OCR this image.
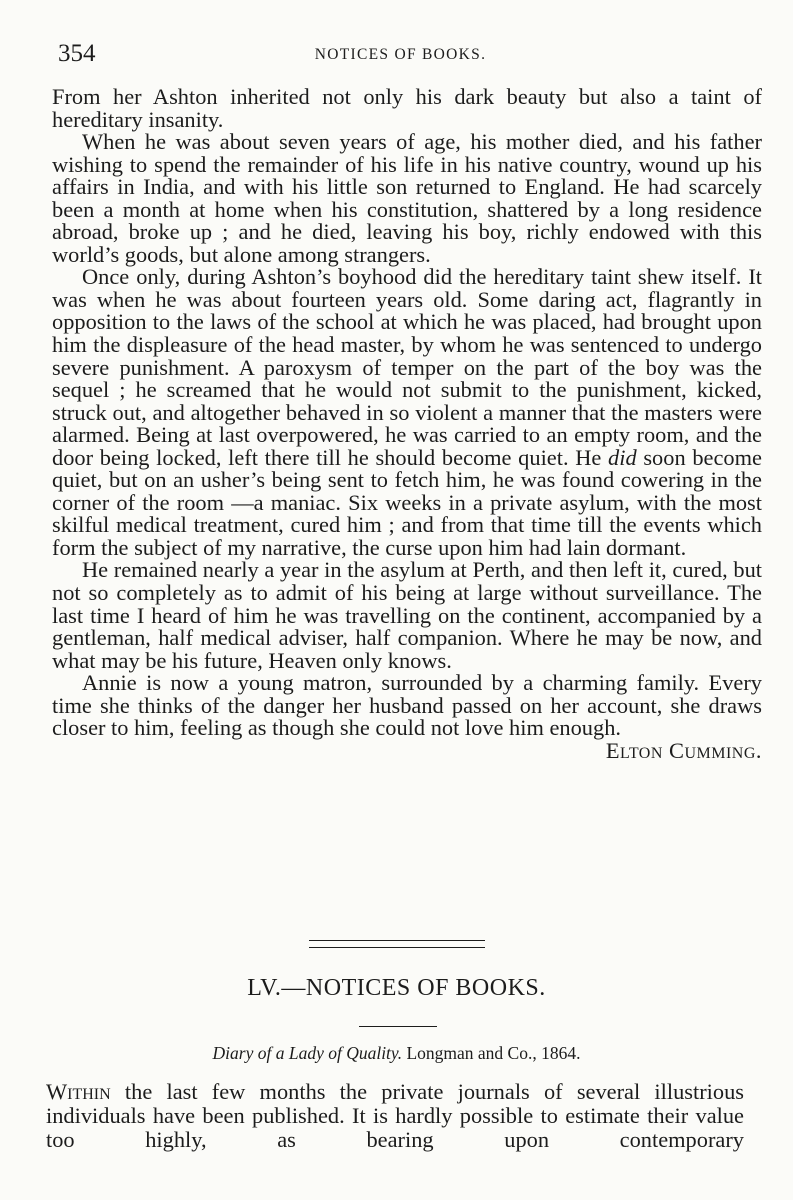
354	NOTICES OF BOOKS.

From her Ashton inherited not only his dark beauty but also a taint of hereditary insanity.

When he was about seven years of age, his mother died, and his father wishing to spend the remainder of his life in his native country, wound up his affairs in India, and with his little son returned to England. He had scarcely been a month at home when his constitution, shattered by a long residence abroad, broke up ; and he died, leaving his boy, richly endowed with this world’s goods, but alone among strangers.

Once only, during Ashton’s boyhood did the hereditary taint shew itself. It was when he was about fourteen years old. Some daring act, flagrantly in opposition to the laws of the school at which he was placed, had brought upon him the displeasure of the head master, by whom he was sentenced to undergo severe punishment. A paroxysm of temper on the part of the boy was the sequel ; he screamed that he would not submit to the punishment, kicked, struck out, and altogether behaved in so violent a manner that the masters were alarmed. Being at last overpowered, he was carried to an empty room, and the door being locked, left there till he should become quiet. He did soon become quiet, but on an usher’s being sent to fetch him, he was found cowering in the corner of the room —a maniac. Six weeks in a private asylum, with the most skilful medical treatment, cured him ; and from that time till the events which form the subject of my narrative, the curse upon him had lain dormant.

He remained nearly a year in the asylum at Perth, and then left it, cured, but not so completely as to admit of his being at large without surveillance. The last time I heard of him he was travelling on the continent, accompanied by a gentleman, half medical adviser, half companion. Where he may be now, and what may be his future, Heaven only knows.

Annie is now a young matron, surrounded by a charming family. Every time she thinks of the danger her husband passed on her account, she draws closer to him, feeling as though she could not love him enough.
Elton Cumming.

LV.—NOTICES OF BOOKS.
Diary of a Lady of Quality. Longman and Co., 1864.

Within the last few months the private journals of several illustrious individuals have been published. It is hardly possible to estimate their value too highly, as bearing upon contemporary
